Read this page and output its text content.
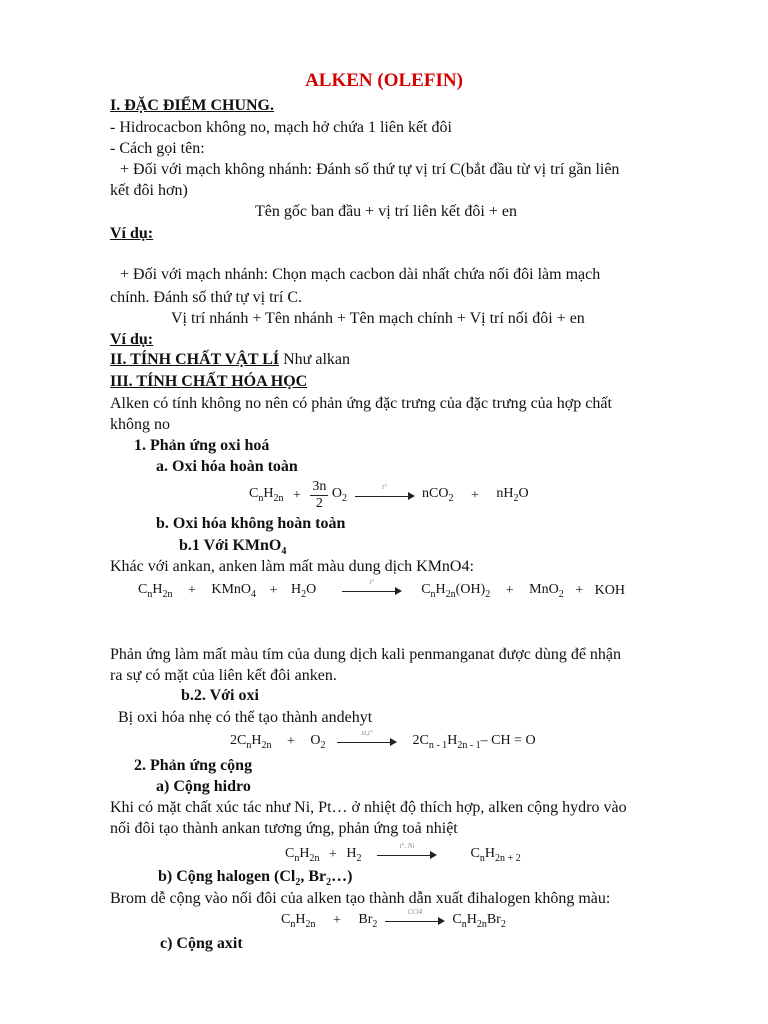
ALKEN (OLEFIN)
I. ĐẶC ĐIỂM CHUNG.
- Hidrocacbon không no, mạch hở chứa 1 liên kết đôi
- Cách gọi tên:
+ Đối với mạch không nhánh: Đánh số thứ tự vị trí C(bắt đầu từ vị trí gần liên
kết đôi hơn)
Tên gốc ban đầu + vị trí liên kết đôi + en
Ví dụ:
+ Đối với mạch nhánh: Chọn mạch cacbon dài nhất chứa nối đôi làm mạch
chính. Đánh số thứ tự vị trí C.
Vị trí nhánh + Tên nhánh + Tên mạch chính + Vị trí nối đôi + en
Ví dụ:
II. TÍNH CHẤT VẬT LÍ Như alkan
III. TÍNH CHẤT HÓA HỌC
Alken có tính không no nên có phản ứng đặc trưng của đặc trưng của hợp chất
không no
1. Phản ứng oxi hoá
a. Oxi hóa hoàn toàn
$C_nH_{2n} + \frac{3n}{2} O_2$
t°	$nCO_2 + nH_2O$
b. Oxi hóa không hoàn toàn
b.1 Với KMnO$_4$
Khác với ankan, anken làm mất màu dung dịch KMnO4:
$C_nH_{2n}$ + KMnO$_4$ + $H_2O$	t°	$C_nH_{2n}(OH)_2 + MnO_2$ + KOH
Phản ứng làm mất màu tím của dung dịch kali penmanganat được dùng để nhận
ra sự có mặt của liên kết đôi anken.
b.2. Với oxi
Bị oxi hóa nhẹ có thể tạo thành andehyt
$2C_nH_{2n} + O_2$
xt,t°	$2C_{n - 1}H_{2n - 1}-$ CH = O
2. Phản ứng cộng
a) Cộng hidro
Khi có mặt chất xúc tác như Ni, Pt… ở nhiệt độ thích hợp, alken cộng hydro vào
nối đôi tạo thành ankan tương ứng, phản ứng toả nhiệt
$C_nH_{2n} + H_2$
t°, Ni	$C_nH_{2n + 2}$
b) Cộng halogen ($Cl_2$, $Br_2\dots$)
Brom dễ cộng vào nối đôi của alken tạo thành dẫn xuất đihalogen không màu:
$C_nH_{2n} + Br_2$
CCl4	$C_nH_{2n}Br_2$
c) Cộng axit
